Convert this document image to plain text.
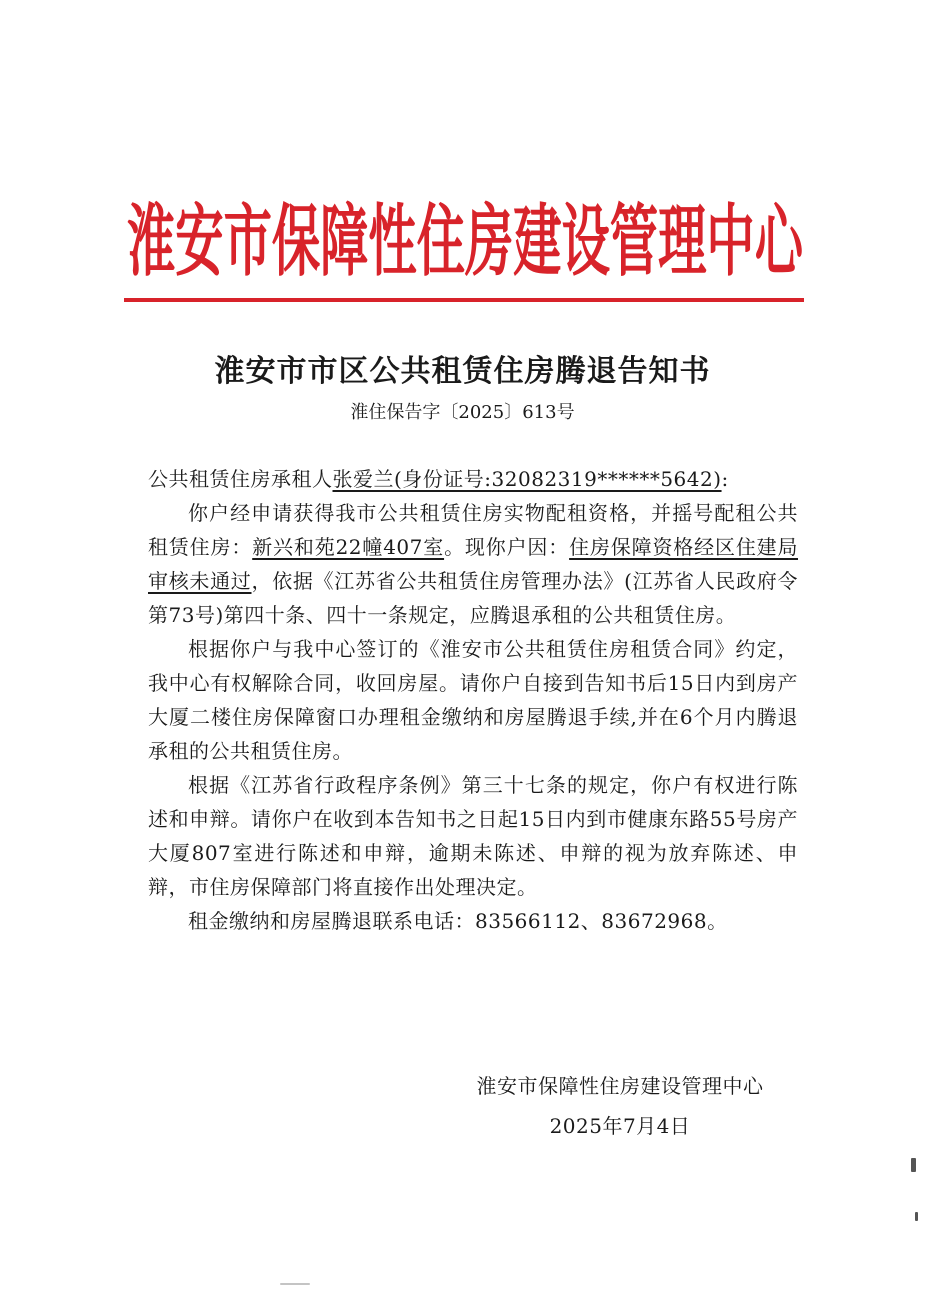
淮安市保障性住房建设管理中心
淮安市市区公共租赁住房腾退告知书
淮住保告字〔2025〕613号

公共租赁住房承租人张爱兰(身份证号:32082319******5642):

你户经申请获得我市公共租赁住房实物配租资格，并摇号配租公共租赁住房：新兴和苑22幢407室。现你户因：住房保障资格经区住建局审核未通过，依据《江苏省公共租赁住房管理办法》(江苏省人民政府令第73号)第四十条、四十一条规定，应腾退承租的公共租赁住房。

根据你户与我中心签订的《淮安市公共租赁住房租赁合同》约定，我中心有权解除合同，收回房屋。请你户自接到告知书后15日内到房产大厦二楼住房保障窗口办理租金缴纳和房屋腾退手续,并在6个月内腾退承租的公共租赁住房。

根据《江苏省行政程序条例》第三十七条的规定，你户有权进行陈述和申辩。请你户在收到本告知书之日起15日内到市健康东路55号房产大厦807室进行陈述和申辩，逾期未陈述、申辩的视为放弃陈述、申辩，市住房保障部门将直接作出处理决定。

租金缴纳和房屋腾退联系电话：83566112、83672968。

淮安市保障性住房建设管理中心
2025年7月4日
